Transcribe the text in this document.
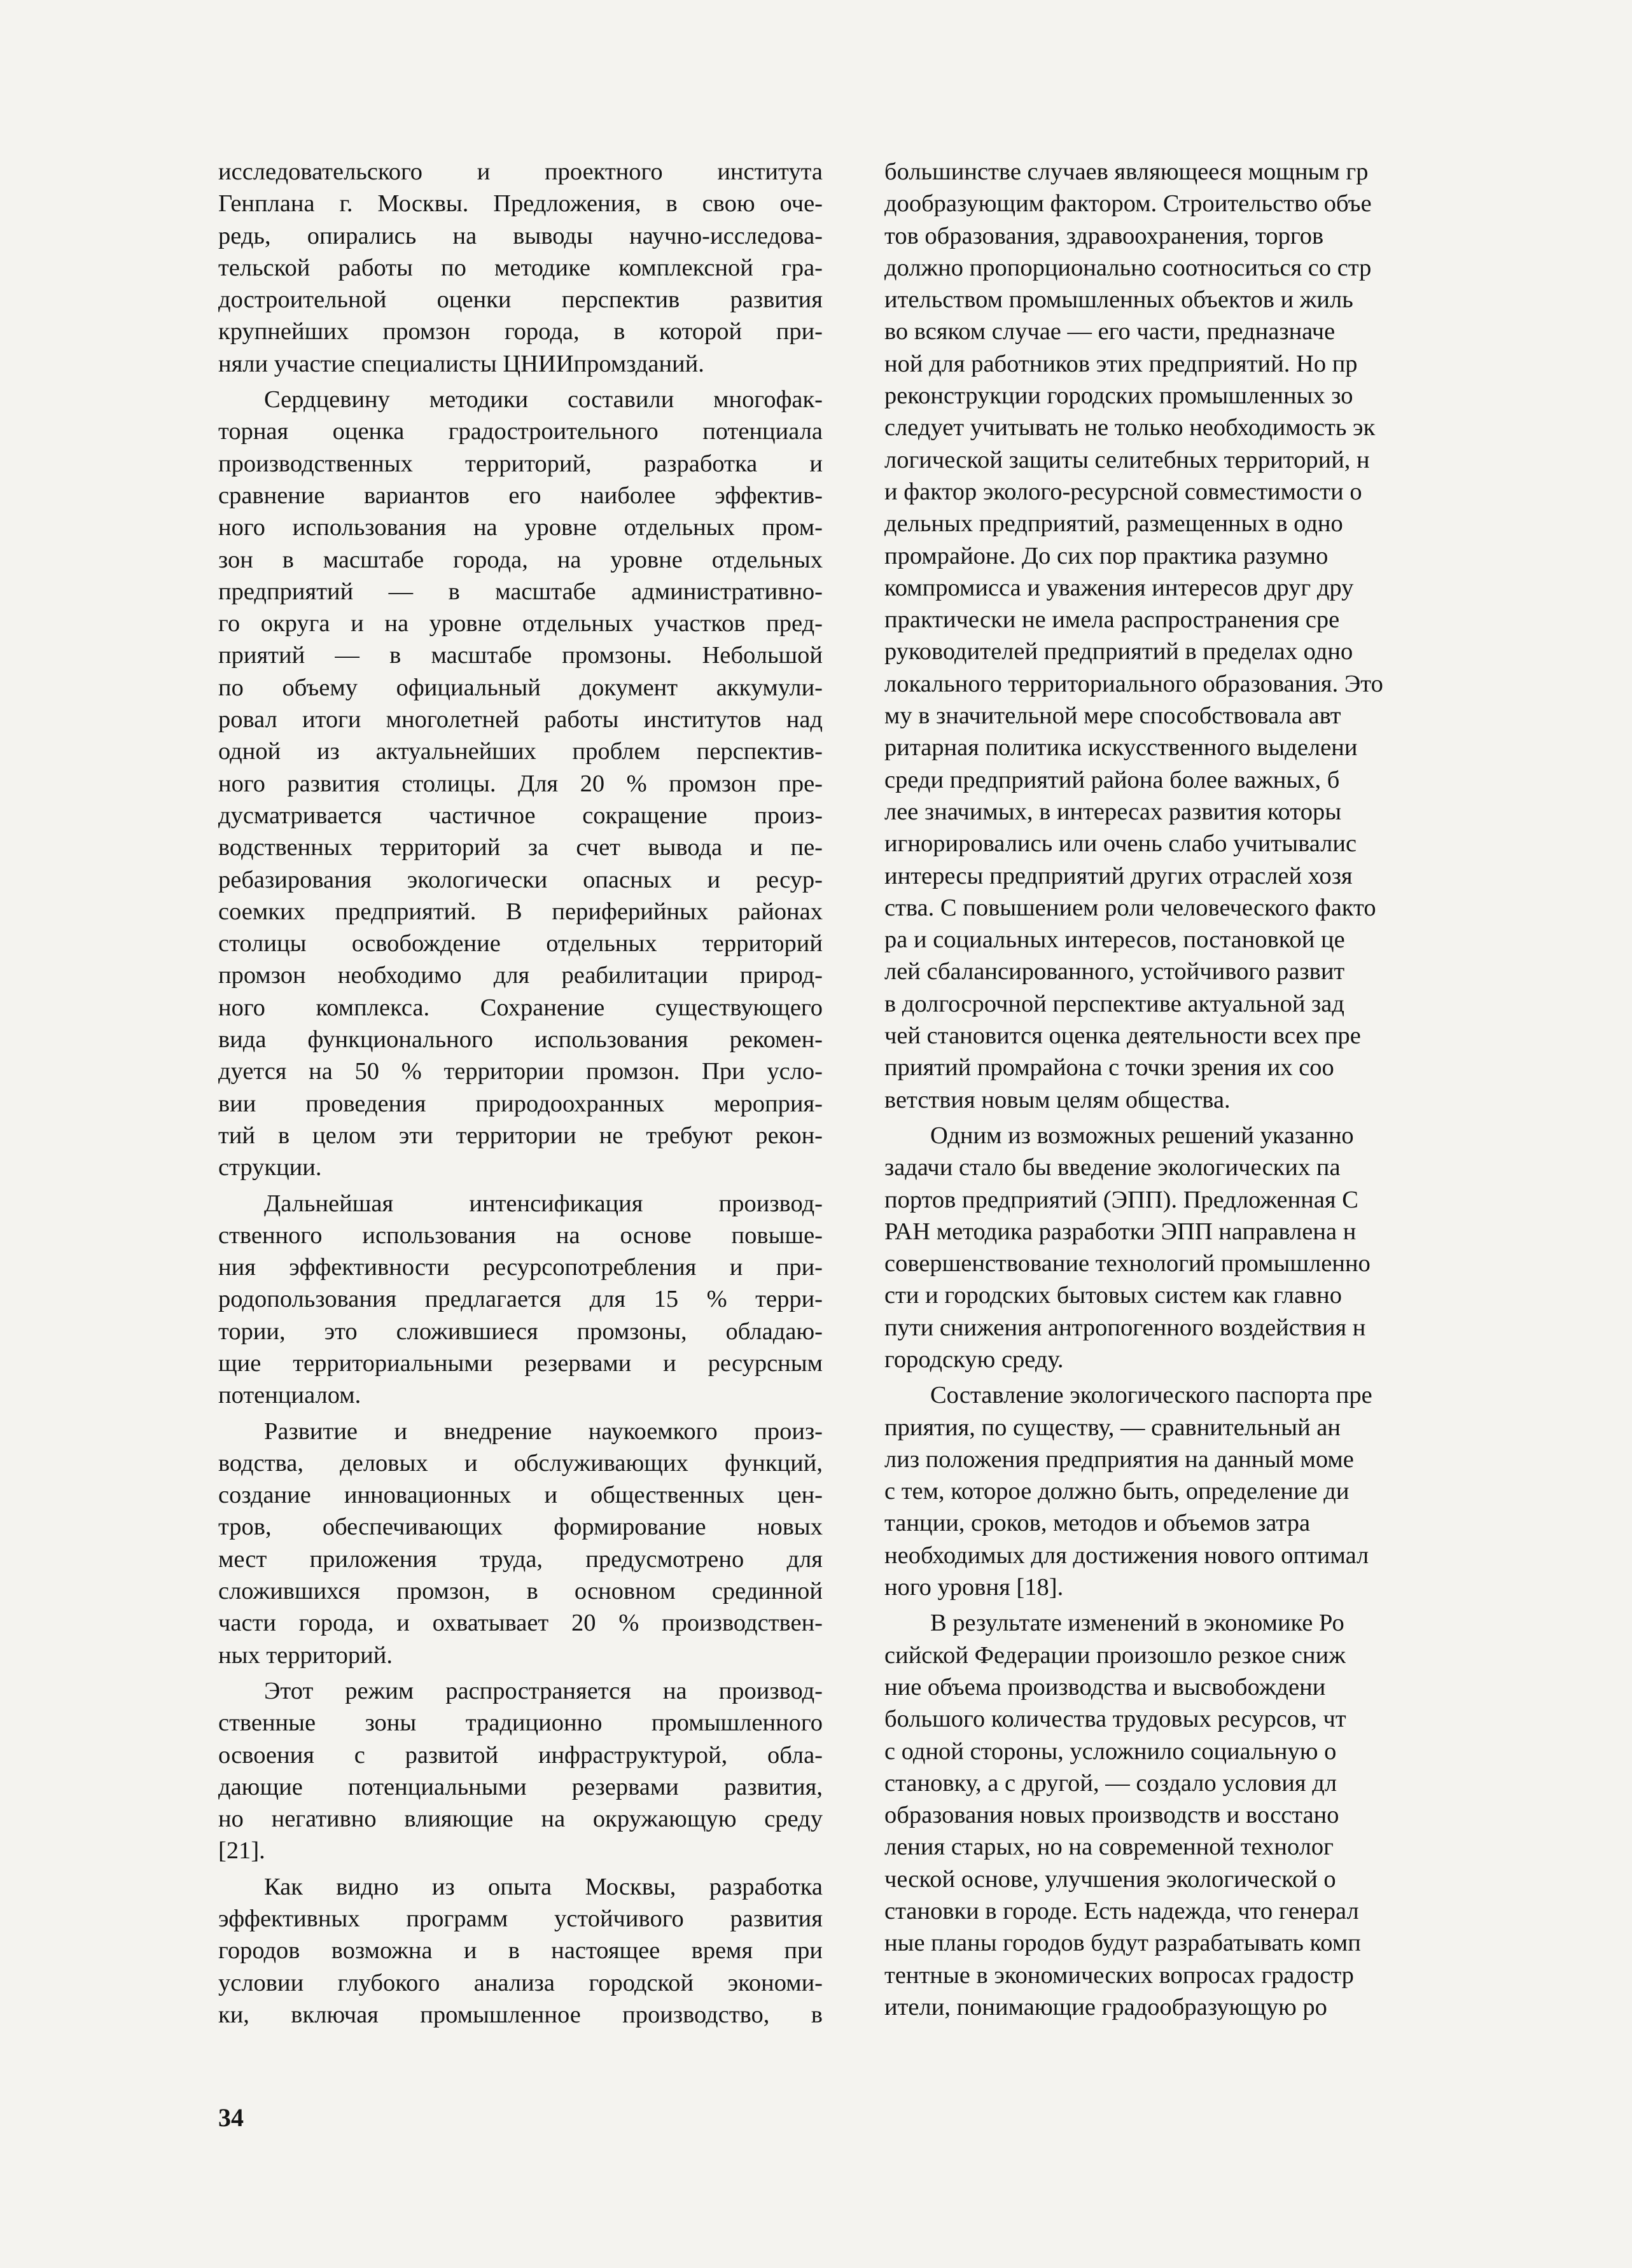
исследовательского и проектного института
Генплана г. Москвы. Предложения, в свою оче-
редь, опирались на выводы научно-исследова-
тельской работы по методике комплексной гра-
достроительной оценки перспектив развития
крупнейших промзон города, в которой при-
няли участие специалисты ЦНИИпромзданий.

Сердцевину методики составили многофак-
торная оценка градостроительного потенциала
производственных территорий, разработка и
сравнение вариантов его наиболее эффектив-
ного использования на уровне отдельных пром-
зон в масштабе города, на уровне отдельных
предприятий — в масштабе административно-
го округа и на уровне отдельных участков пред-
приятий — в масштабе промзоны. Небольшой
по объему официальный документ аккумули-
ровал итоги многолетней работы институтов над
одной из актуальнейших проблем перспектив-
ного развития столицы. Для 20 % промзон пре-
дусматривается частичное сокращение произ-
водственных территорий за счет вывода и пе-
ребазирования экологически опасных и ресур-
соемких предприятий. В периферийных районах
столицы освобождение отдельных территорий
промзон необходимо для реабилитации природ-
ного комплекса. Сохранение существующего
вида функционального использования рекомен-
дуется на 50 % территории промзон. При усло-
вии проведения природоохранных мероприя-
тий в целом эти территории не требуют рекон-
струкции.

Дальнейшая интенсификация производ-
ственного использования на основе повыше-
ния эффективности ресурсопотребления и при-
родопользования предлагается для 15 % терри-
тории, это сложившиеся промзоны, обладаю-
щие территориальными резервами и ресурсным
потенциалом.

Развитие и внедрение наукоемкого произ-
водства, деловых и обслуживающих функций,
создание инновационных и общественных цен-
тров, обеспечивающих формирование новых
мест приложения труда, предусмотрено для
сложившихся промзон, в основном срединной
части города, и охватывает 20 % производствен-
ных территорий.

Этот режим распространяется на производ-
ственные зоны традиционно промышленного
освоения с развитой инфраструктурой, обла-
дающие потенциальными резервами развития,
но негативно влияющие на окружающую среду
[21].

Как видно из опыта Москвы, разработка
эффективных программ устойчивого развития
городов возможна и в настоящее время при
условии глубокого анализа городской экономи-
ки, включая промышленное производство, в

большинстве случаев являющееся мощным гр
дообразующим фактором. Строительство объе
тов образования, здравоохранения, торгов
должно пропорционально соотноситься со стр
ительством промышленных объектов и жиль
во всяком случае — его части, предназначе
ной для работников этих предприятий. Но пр
реконструкции городских промышленных зо
следует учитывать не только необходимость эк
логической защиты селитебных территорий, н
и фактор эколого-ресурсной совместимости о
дельных предприятий, размещенных в одно
промрайоне. До сих пор практика разумно
компромисса и уважения интересов друг дру
практически не имела распространения сре
руководителей предприятий в пределах одно
локального территориального образования. Это
му в значительной мере способствовала авт
ритарная политика искусственного выделени
среди предприятий района более важных, б
лее значимых, в интересах развития которы
игнорировались или очень слабо учитывалис
интересы предприятий других отраслей хозя
ства. С повышением роли человеческого факто
ра и социальных интересов, постановкой це
лей сбалансированного, устойчивого развит
в долгосрочной перспективе актуальной зад
чей становится оценка деятельности всех пре
приятий промрайона с точки зрения их соо
ветствия новым целям общества.

Одним из возможных решений указанно
задачи стало бы введение экологических па
портов предприятий (ЭПП). Предложенная С
РАН методика разработки ЭПП направлена н
совершенствование технологий промышленно
сти и городских бытовых систем как главно
пути снижения антропогенного воздействия н
городскую среду.

Составление экологического паспорта пре
приятия, по существу, — сравнительный ан
лиз положения предприятия на данный моме
с тем, которое должно быть, определение ди
танции, сроков, методов и объемов затра
необходимых для достижения нового оптимал
ного уровня [18].

В результате изменений в экономике Ро
сийской Федерации произошло резкое сниж
ние объема производства и высвобождени
большого количества трудовых ресурсов, чт
с одной стороны, усложнило социальную о
становку, а с другой, — создало условия дл
образования новых производств и восстано
ления старых, но на современной технолог
ческой основе, улучшения экологической о
становки в городе. Есть надежда, что генерал
ные планы городов будут разрабатывать комп
тентные в экономических вопросах градостр
ители, понимающие градообразующую ро

34
